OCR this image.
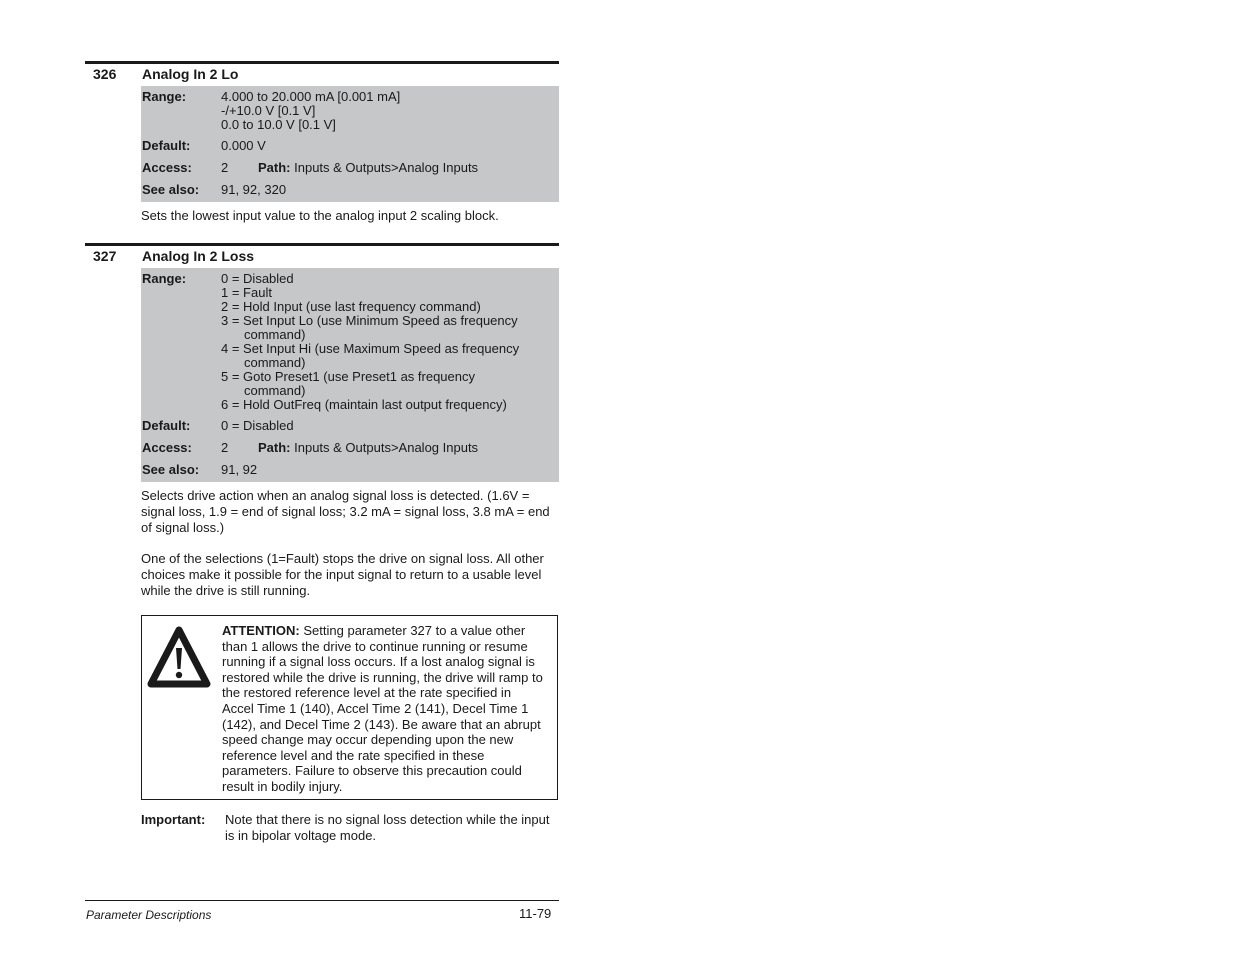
326 Analog In 2 Lo
Range:	4.000 to 20.000 mA [0.001 mA]
-/+10.0 V [0.1 V]
0.0 to 10.0 V [0.1 V]
Default: 0.000 V
Access: 2 Path: Inputs & Outputs>Analog Inputs
See also: 91, 92, 320
Sets the lowest input value to the analog input 2 scaling block.
327 Analog In 2 Loss
Range:	0 = Disabled
1 = Fault
2 = Hold Input (use last frequency command)
3 = Set Input Lo (use Minimum Speed as frequency
command)
4 = Set Input Hi (use Maximum Speed as frequency
command)
5 = Goto Preset1 (use Preset1 as frequency
command)
6 = Hold OutFreq (maintain last output frequency)
Default: 0 = Disabled
Access: 2 Path: Inputs & Outputs>Analog Inputs
See also: 91, 92
Selects drive action when an analog signal loss is detected. (1.6V = signal loss, 1.9 = end of signal loss; 3.2 mA = signal loss, 3.8 mA = end of signal loss.)
One of the selections (1=Fault) stops the drive on signal loss. All other choices make it possible for the input signal to return to a usable level while the drive is still running.
ATTENTION: Setting parameter 327 to a value other than 1 allows the drive to continue running or resume running if a signal loss occurs. If a lost analog signal is restored while the drive is running, the drive will ramp to the restored reference level at the rate specified in Accel Time 1 (140), Accel Time 2 (141), Decel Time 1 (142), and Decel Time 2 (143). Be aware that an abrupt speed change may occur depending upon the new reference level and the rate specified in these parameters. Failure to observe this precaution could result in bodily injury.
Important: Note that there is no signal loss detection while the input is in bipolar voltage mode.
Parameter Descriptions	11-79
